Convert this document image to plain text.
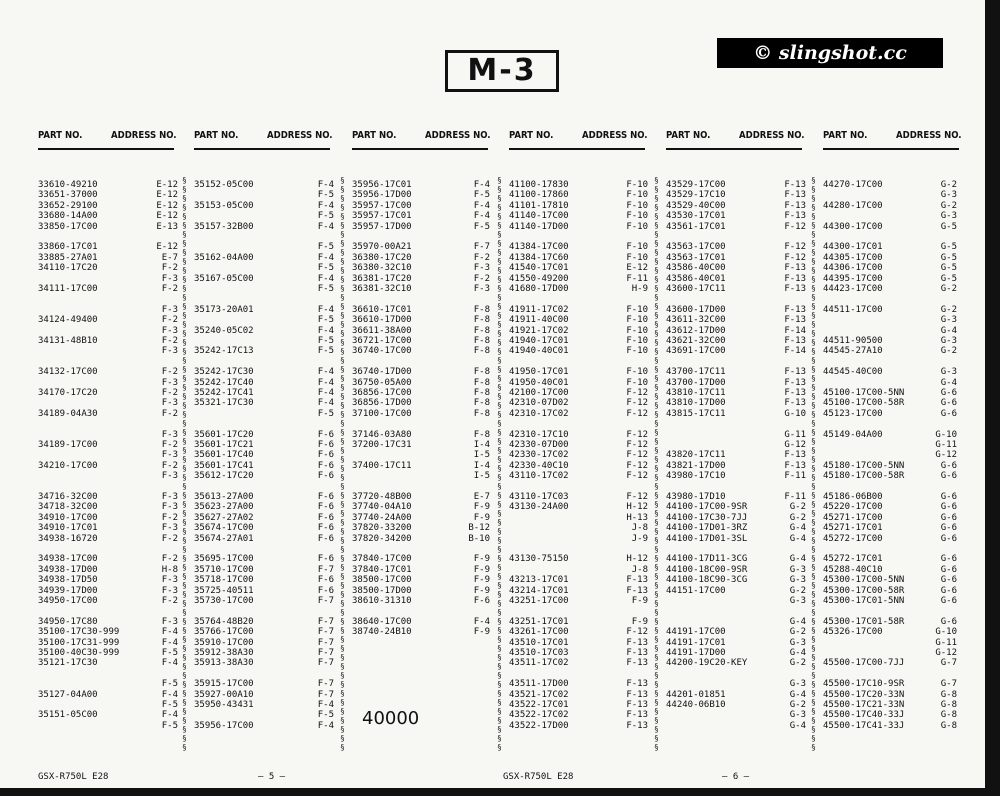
M-3	© slingshot.cc
PART NO.	ADDRESS NO.
33610-49210	E-12
33651-37000	E-12
33652-29100	E-12
33680-14A00	E-12
33850-17C00	E-13
33860-17C01	E-12
33885-27A01	E-7
34110-17C20	F-2
F-3
34111-17C00	F-2
F-3
34124-49400	F-2
F-3
34131-48B10	F-2
F-3
34132-17C00	F-2
F-3
34170-17C20	F-2
F-3
34189-04A30	F-2
F-3
34189-17C00	F-2
F-3
34210-17C00	F-2
F-3
34716-32C00	F-3
34718-32C00	F-3
34910-17C00	F-2
34910-17C01	F-3
34938-16720	F-2
34938-17C00	F-2
34938-17D00	H-8
34938-17D50	F-3
34939-17D00	F-3
34950-17C00	F-2
34950-17C80	F-3
35100-17C30-999	F-4
35100-17C31-999	F-4
35100-40C30-999	F-5
35121-17C30	F-4
F-5
35127-04A00	F-4
F-5
35151-05C00	F-4
F-5
§§§§§§§§§§§§§§§§§§§§§§§§§§§§§§§§§§§§§§§§§§§§§§§§§§§§§§§§§§§§§§§§
PART NO.	ADDRESS NO.
35152-05C00	F-4
F-5
35153-05C00	F-4
F-5
35157-32B00	F-4
F-5
35162-04A00	F-4
F-5
35167-05C00	F-4
F-5
35173-20A01	F-4
F-5
35240-05C02	F-4
F-5
35242-17C13	F-5
35242-17C30	F-4
35242-17C40	F-4
35242-17C41	F-4
35321-17C30	F-4
F-5
35601-17C20	F-6
35601-17C21	F-6
35601-17C40	F-6
35601-17C41	F-6
35612-17C20	F-6
35613-27A00	F-6
35623-27A00	F-6
35627-27A02	F-6
35674-17C00	F-6
35674-27A01	F-6
35695-17C00	F-6
35710-17C00	F-7
35718-17C00	F-6
35725-40511	F-6
35730-17C00	F-7
35764-48B20	F-7
35766-17C00	F-7
35910-17C00	F-7
35912-38A30	F-7
35913-38A30	F-7
35915-17C00	F-7
35927-00A10	F-7
35950-43431	F-4
F-5
35956-17C00	F-4
§§§§§§§§§§§§§§§§§§§§§§§§§§§§§§§§§§§§§§§§§§§§§§§§§§§§§§§§§§§§§§§§
PART NO.	ADDRESS NO.
35956-17C01	F-4
35956-17D00	F-5
35957-17C00	F-4
35957-17C01	F-4
35957-17D00	F-5
35970-00A21	F-7
36380-17C20	F-2
36380-32C10	F-3
36381-17C20	F-2
36381-32C10	F-3
36610-17C01	F-8
36610-17D00	F-8
36611-38A00	F-8
36721-17C00	F-8
36740-17C00	F-8
36740-17D00	F-8
36750-05A00	F-8
36856-17C00	F-8
36856-17D00	F-8
37100-17C00	F-8
37146-03A80	F-8
37200-17C31	I-4
I-5
37400-17C11	I-4
I-5
37720-48B00	E-7
37740-04A10	F-9
37740-24A00	F-9
37820-33200	B-12
37820-34200	B-10
37840-17C00	F-9
37840-17C01	F-9
38500-17C00	F-9
38500-17D00	F-9
38610-31310	F-6
38640-17C00	F-4
38740-24B10	F-9
§§§§§§§§§§§§§§§§§§§§§§§§§§§§§§§§§§§§§§§§§§§§§§§§§§§§§§§§§§§§§§§§
PART NO.	ADDRESS NO.
41100-17830	F-10
41100-17860	F-10
41101-17810	F-10
41140-17C00	F-10
41140-17D00	F-10
41384-17C00	F-10
41384-17C60	F-10
41540-17C01	E-12
41550-49200	F-11
41680-17D00	H-9
41911-17C02	F-10
41911-40C00	F-10
41921-17C02	F-10
41940-17C01	F-10
41940-40C01	F-10
41950-17C01	F-10
41950-40C01	F-10
42100-17C00	F-12
42310-07D02	F-12
42310-17C02	F-12
42310-17C10	F-12
42330-07D00	F-12
42330-17C02	F-12
42330-40C10	F-12
43110-17C02	F-12
43110-17C03	F-12
43130-24A00	H-12
H-13
J-8
J-9
43130-75150	H-12
J-8
43213-17C01	F-13
43214-17C01	F-13
43251-17C00	F-9
43251-17C01	F-9
43261-17C00	F-12
43510-17C01	F-13
43510-17C03	F-13
43511-17C02	F-13
43511-17D00	F-13
43521-17C02	F-13
43522-17C01	F-13
43522-17C02	F-13
43522-17D00	F-13
§§§§§§§§§§§§§§§§§§§§§§§§§§§§§§§§§§§§§§§§§§§§§§§§§§§§§§§§§§§§§§§§
PART NO.	ADDRESS NO.
43529-17C00	F-13
43529-17C10	F-13
43529-40C00	F-13
43530-17C01	F-13
43561-17C01	F-12
43563-17C00	F-12
43563-17C01	F-12
43586-40C00	F-13
43586-40C01	F-13
43600-17C11	F-13
43600-17D00	F-13
43611-32C00	F-13
43612-17D00	F-14
43621-32C00	F-13
43691-17C00	F-14
43700-17C11	F-13
43700-17D00	F-13
43810-17C11	F-13
43810-17D00	F-13
43815-17C11	G-10
G-11
G-12
43820-17C11	F-13
43821-17D00	F-13
43980-17C10	F-11
43980-17D10	F-11
44100-17C00-9SR	G-2
44100-17C30-7JJ	G-2
44100-17D01-3RZ	G-4
44100-17D01-3SL	G-4
44100-17D11-3CG	G-4
44100-18C00-9SR	G-3
44100-18C90-3CG	G-3
44151-17C00	G-2
G-3
G-4
44191-17C00	G-2
44191-17C01	G-3
44191-17D00	G-4
44200-19C20-KEY	G-2
G-3
44201-01851	G-4
44240-06B10	G-2
G-3
G-4
§§§§§§§§§§§§§§§§§§§§§§§§§§§§§§§§§§§§§§§§§§§§§§§§§§§§§§§§§§§§§§§§
PART NO.	ADDRESS NO.
44270-17C00	G-2
G-3
44280-17C00	G-2
G-3
44300-17C00	G-5
44300-17C01	G-5
44305-17C00	G-5
44306-17C00	G-5
44395-17C00	G-5
44423-17C00	G-2
44511-17C00	G-2
G-3
G-4
44511-90500	G-3
44545-27A10	G-2
44545-40C00	G-3
G-4
45100-17C00-5NN	G-6
45100-17C00-58R	G-6
45123-17C00	G-6
45149-04A00	G-10
G-11
G-12
45180-17C00-5NN	G-6
45180-17C00-58R	G-6
45186-06B00	G-6
45220-17C00	G-6
45271-17C00	G-6
45271-17C01	G-6
45272-17C00	G-6
45272-17C01	G-6
45288-40C10	G-6
45300-17C00-5NN	G-6
45300-17C00-58R	G-6
45300-17C01-5NN	G-6
45300-17C01-58R	G-6
45326-17C00	G-10
G-11
G-12
45500-17C00-7JJ	G-7
45500-17C10-9SR	G-7
45500-17C20-33N	G-8
45500-17C21-33N	G-8
45500-17C40-33J	G-8
45500-17C41-33J	G-8
40000
GSX-R750L E28	— 5 —	GSX-R750L E28	— 6 —
